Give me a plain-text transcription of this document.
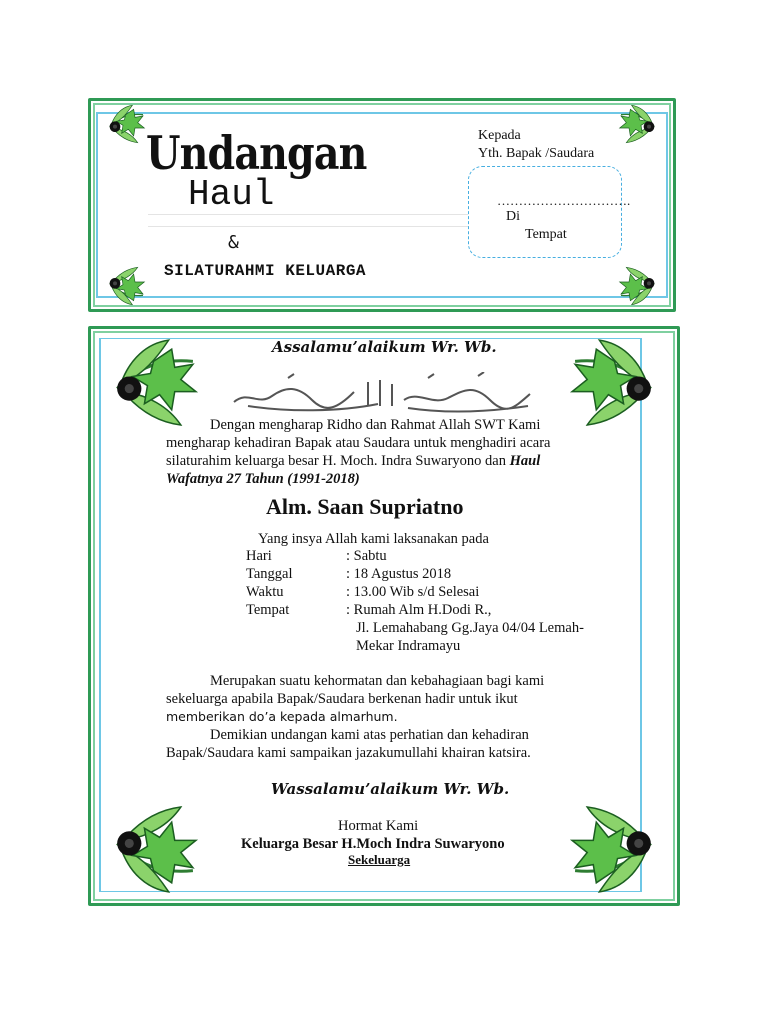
Undangan
Haul
&
SILATURAHMI KELUARGA
Kepada
Yth. Bapak /Saudara
………………………….
Di
Tempat
Assalamu’alaikum Wr. Wb.
Dengan mengharap Ridho dan Rahmat Allah SWT Kami
mengharap kehadiran Bapak atau Saudara untuk menghadiri acara
silaturahim keluarga besar H. Moch. Indra Suwaryono dan Haul
Wafatnya 27 Tahun (1991-2018)
Alm. Saan Supriatno
Yang insya Allah kami laksanakan pada
Hari	: Sabtu
Tanggal	: 18 Agustus 2018
Waktu	: 13.00 Wib s/d Selesai
Tempat	: Rumah Alm H.Dodi R.,
Jl. Lemahabang Gg.Jaya 04/04 Lemah-
Mekar Indramayu
Merupakan suatu kehormatan dan kebahagiaan bagi kami
sekeluarga apabila Bapak/Saudara berkenan hadir untuk ikut
memberikan do’a kepada almarhum.
Demikian undangan kami atas perhatian dan kehadiran
Bapak/Saudara kami sampaikan jazakumullahi khairan katsira.
Wassalamu’alaikum Wr. Wb.
Hormat Kami
Keluarga Besar H.Moch Indra Suwaryono
Sekeluarga
